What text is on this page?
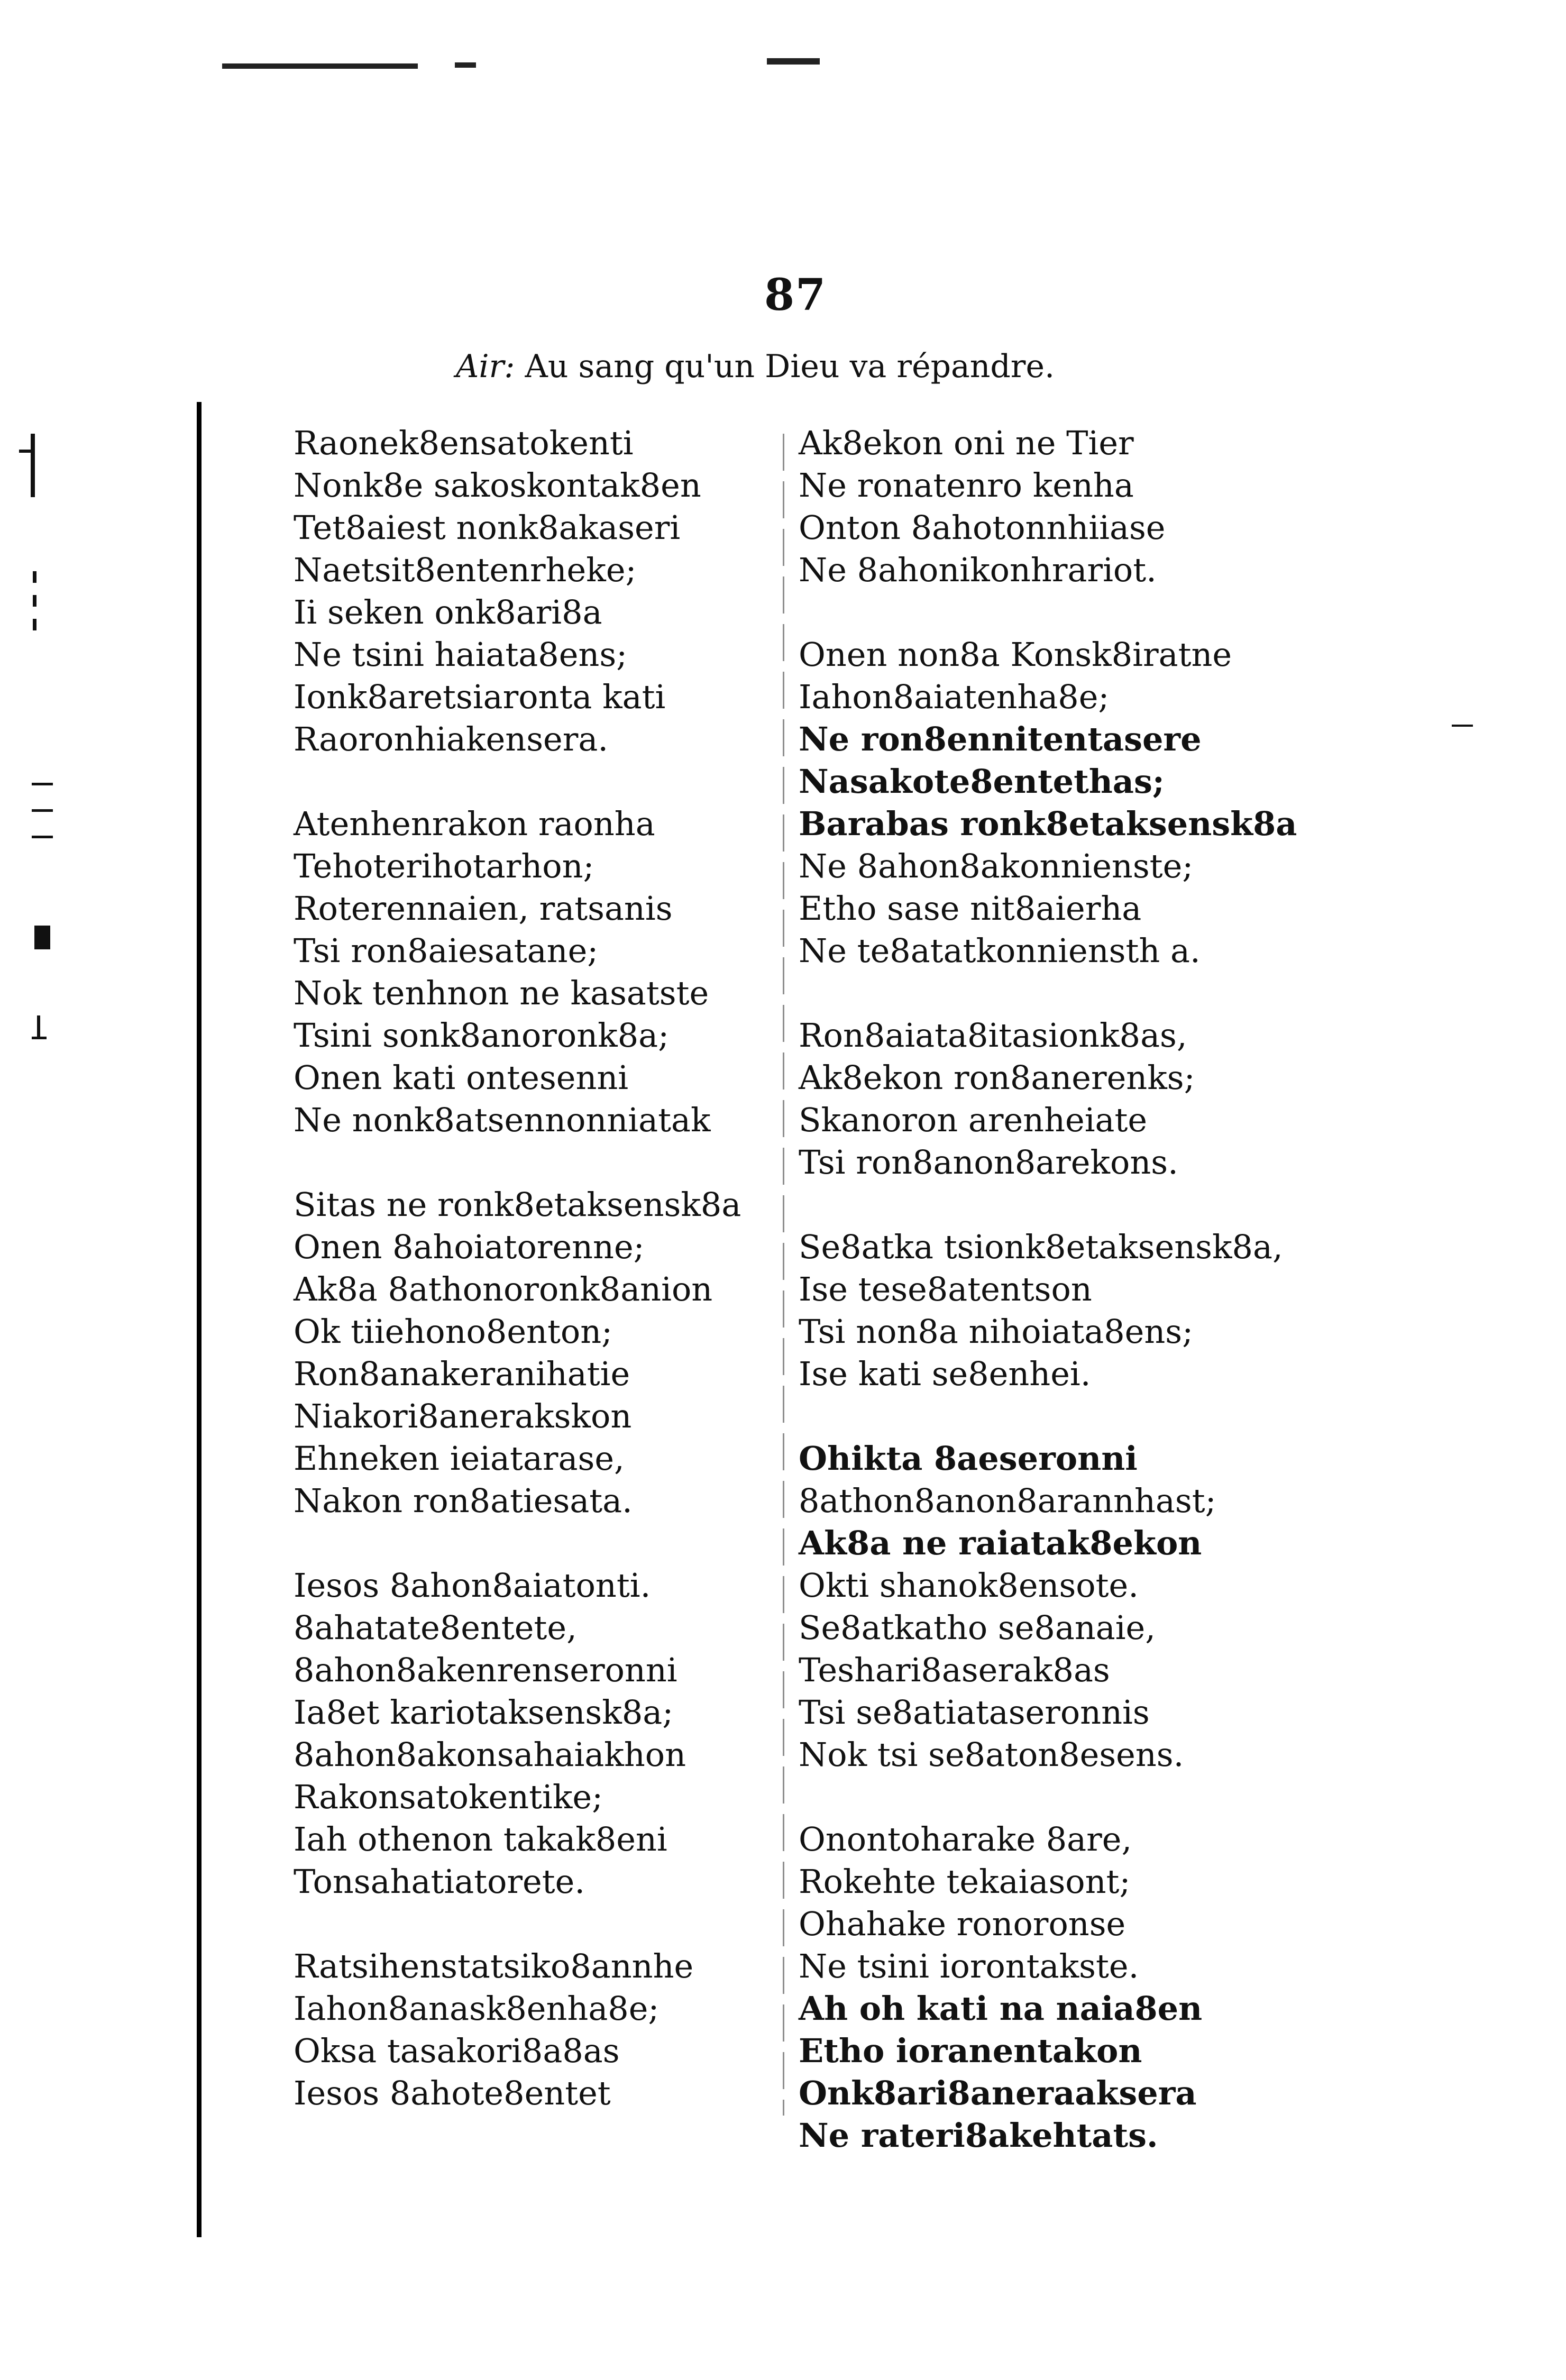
87
Air: Au sang qu'un Dieu va répandre.
Raonek8ensatokenti
Nonk8e sakoskontak8en
Tet8aiest nonk8akaseri
Naetsit8entenrheke;
Ii seken onk8ari8a
Ne tsini haiata8ens;
Ionk8aretsiaronta kati
Raoronhiakensera.
Atenhenrakon raonha
Tehoterihotarhon;
Roterennaien, ratsanis
Tsi ron8aiesatane;
Nok tenhnon ne kasatste
Tsini sonk8anoronk8a;
Onen kati ontesenni
Ne nonk8atsennonniatak
Sitas ne ronk8etaksensk8a
Onen 8ahoiatorenne;
Ak8a 8athonoronk8anion
Ok tiiehono8enton;
Ron8anakeranihatie
Niakori8anerakskon
Ehneken ieiatarase,
Nakon ron8atiesata.
Iesos 8ahon8aiatonti.
8ahatate8entete,
8ahon8akenrenseronni
Ia8et kariotaksensk8a;
8ahon8akonsahaiakhon
Rakonsatokentike;
Iah othenon takak8eni
Tonsahatiatorete.
Ratsihenstatsiko8annhe
Iahon8anask8enha8e;
Oksa tasakori8a8as
Iesos 8ahote8entet
Ak8ekon oni ne Tier
Ne ronatenro kenha
Onton 8ahotonnhiiase
Ne 8ahonikonhrariot.
Onen non8a Konsk8iratne
Iahon8aiatenha8e;
Ne ron8ennitentasere
Nasakote8entethas;
Barabas ronk8etaksensk8a
Ne 8ahon8akonnienste;
Etho sase nit8aierha
Ne te8atatkonniensth a.
Ron8aiata8itasionk8as,
Ak8ekon ron8anerenks;
Skanoron arenheiate
Tsi ron8anon8arekons.
Se8atka tsionk8etaksensk8a,
Ise tese8atentson
Tsi non8a nihoiata8ens;
Ise kati se8enhei.
Ohikta 8aeseronni
8athon8anon8arannhast;
Ak8a ne raiatak8ekon
Okti shanok8ensote.
Se8atkatho se8anaie,
Teshari8aserak8as
Tsi se8atiataseronnis
Nok tsi se8aton8esens.
Onontoharake 8are,
Rokehte tekaiasont;
Ohahake ronoronse
Ne tsini iorontakste.
Ah oh kati na naia8en
Etho ioranentakon
Onk8ari8aneraaksera
Ne rateri8akehtats.
